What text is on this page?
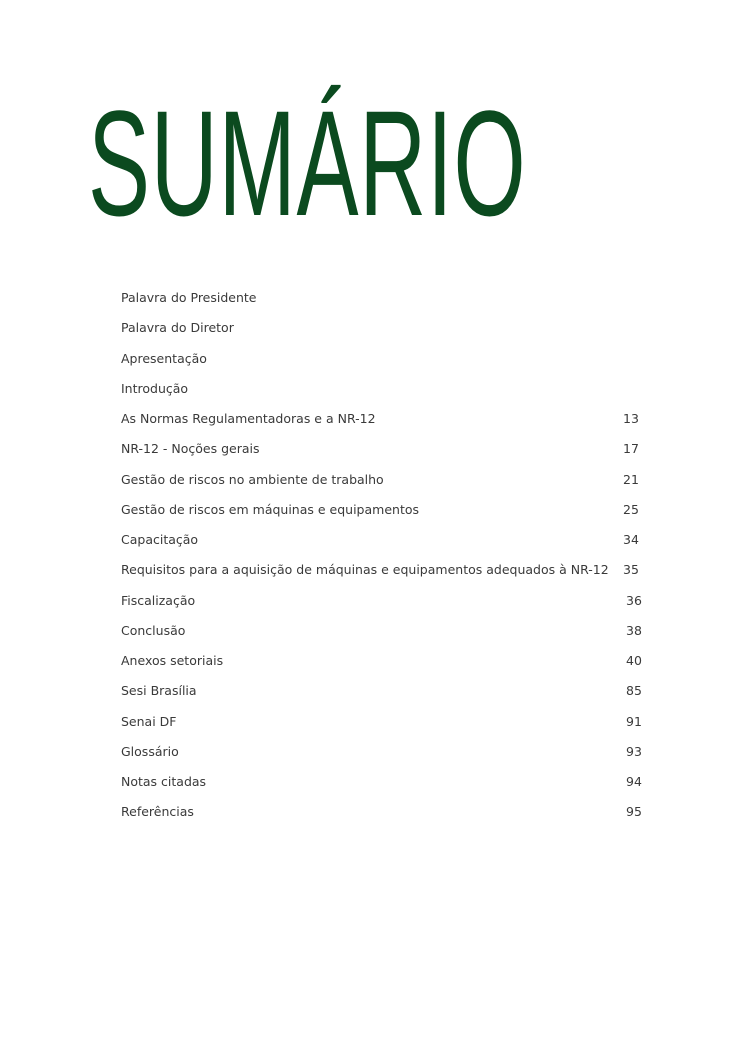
SUMÁRIO
Palavra do Presidente
Palavra do Diretor
Apresentação
Introdução
As Normas Regulamentadoras e a NR-12	13
NR-12 - Noções gerais	17
Gestão de riscos no ambiente de trabalho	21
Gestão de riscos em máquinas e equipamentos	25
Capacitação	34
Requisitos para a aquisição de máquinas e equipamentos adequados à NR-12 35
Fiscalização	36
Conclusão	38
Anexos setoriais	40
Sesi Brasília	85
Senai DF	91
Glossário	93
Notas citadas	94
Referências	95
